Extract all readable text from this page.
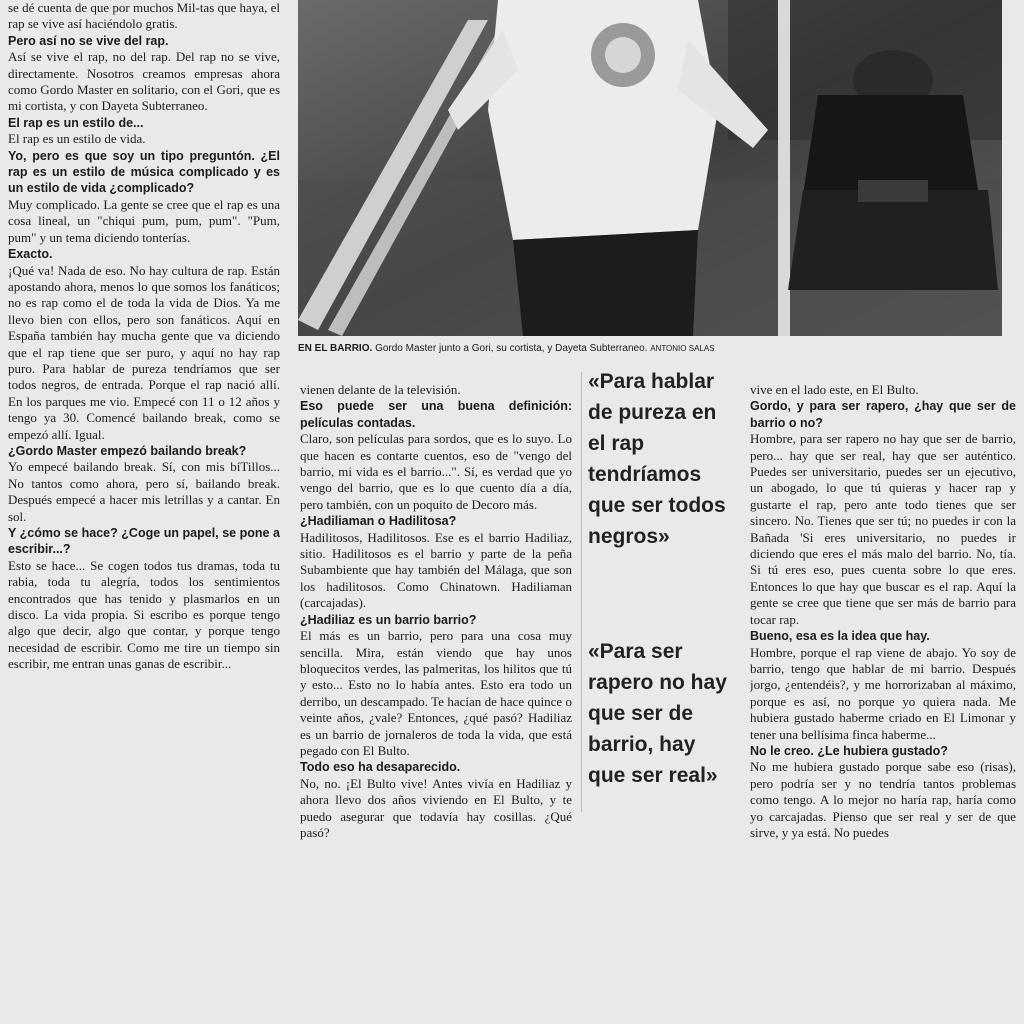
se dé cuenta de que por muchos Mil-tas que haya, el rap se vive así haciéndolo gratis.

Pero así no se vive del rap.

Así se vive el rap, no del rap. Del rap no se vive, directamente. Nosotros creamos empresas ahora como Gordo Master en solitario, con el Gori, que es mi cortista, y con Dayeta Subterraneo.

El rap es un estilo de...

El rap es un estilo de vida.

Yo, pero es que soy un tipo preguntón. ¿El rap es un estilo de música complicado y es un estilo de vida ¿complicado?

Muy complicado. La gente se cree que el rap es una cosa lineal, un "chiqui pum, pum, pum". "Pum, pum" y un tema diciendo tonterías.

Exacto.

¡Qué va! Nada de eso. No hay cultura de rap. Están apostando ahora, menos lo que somos los fanáticos; no es rap como el de toda la vida de Dios. Ya me llevo bien con ellos, pero son fanáticos. Aquí en España también hay mucha gente que va diciendo que el rap tiene que ser puro, y aquí no hay rap puro. Para hablar de pureza tendríamos que ser todos negros, de entrada. Porque el rap nació allí. En los parques me vio. Empecé con 11 o 12 años y tengo ya 30. Comencé bailando break, como se empezó allí. Igual.

¿Gordo Master empezó bailando break?

Yo empecé bailando break. Sí, con mis bíTillos... No tantos como ahora, pero sí, bailando break. Después empecé a hacer mis letrillas y a cantar. En sol.

Y ¿cómo se hace? ¿Coge un papel, se pone a escribir...?

Esto se hace... Se cogen todos tus dramas, toda tu rabia, toda tu alegría, todos los sentimientos encontrados que has tenido y plasmarlos en un disco. La vida propia. Si escribo es porque tengo algo que decir, algo que contar, y porque tengo necesidad de escribir. Como me tire un tiempo sin escribir, me entran unas ganas de escribir...

EN EL BARRIO. Gordo Master junto a Gori, su cortista, y Dayeta Subterraneo. ANTONIO SALAS

vienen delante de la televisión.

Eso puede ser una buena definición: películas contadas.

Claro, son películas para sordos, que es lo suyo. Lo que hacen es contarte cuentos, eso de "vengo del barrio, mi vida es el barrio...". Sí, es verdad que yo vengo del barrio, que es lo que cuento día a día, pero también, con un poquito de Decoro más.

¿Hadiliaman o Hadilitosa?

Hadilitosos, Hadilitosos. Ese es el barrio Hadiliaz, sitio. Hadilitosos es el barrio y parte de la peña Subambiente que hay también del Málaga, que son los hadilitosos. Como Chinatown. Hadiliaman (carcajadas).

¿Hadiliaz es un barrio barrio?

El más es un barrio, pero para una cosa muy sencilla. Mira, están viendo que hay unos bloquecitos verdes, las palmeritas, los hilitos que tú y esto... Esto no lo había antes. Esto era todo un derribo, un descampado. Te hacían de hace quince o veinte años, ¿vale? Entonces, ¿qué pasó? Hadiliaz es un barrio de jornaleros de toda la vida, que está pegado con El Bulto.

Todo eso ha desaparecido.

No, no. ¡El Bulto vive! Antes vivía en Hadiliaz y ahora llevo dos años viviendo en El Bulto, y te puedo asegurar que todavía hay cosillas. ¿Qué pasó?

«Para hablar de pureza en el rap tendríamos que ser todos negros»
«Para ser rapero no hay que ser de barrio, hay que ser real»

vive en el lado este, en El Bulto.

Gordo, y para ser rapero, ¿hay que ser de barrio o no?

Hombre, para ser rapero no hay que ser de barrio, pero... hay que ser real, hay que ser auténtico. Puedes ser universitario, puedes ser un ejecutivo, un abogado, lo que tú quieras y hacer rap y gustarte el rap, pero ante todo tienes que ser sincero. No. Tienes que ser tú; no puedes ir con la Bañada 'Si eres universitario, no puedes ir diciendo que eres el más malo del barrio. No, tía. Si tú eres eso, pues cuenta sobre lo que eres. Entonces lo que hay que buscar es el rap. Aquí la gente se cree que tiene que ser más de barrio para tocar rap.

Bueno, esa es la idea que hay.

Hombre, porque el rap viene de abajo. Yo soy de barrio, tengo que hablar de mi barrio. Después jorgo, ¿entendéis?, y me horrorizaban al máximo, porque es así, no porque yo quiera nada. Me hubiera gustado haberme criado en El Limonar y tener una bellísima finca haberme...

No le creo. ¿Le hubiera gustado?

No me hubiera gustado porque sabe eso (risas), pero podría ser y no tendría tantos problemas como tengo. A lo mejor no haría rap, haría como yo carcajadas. Pienso que ser real y ser de que sirve, y ya está. No puedes
